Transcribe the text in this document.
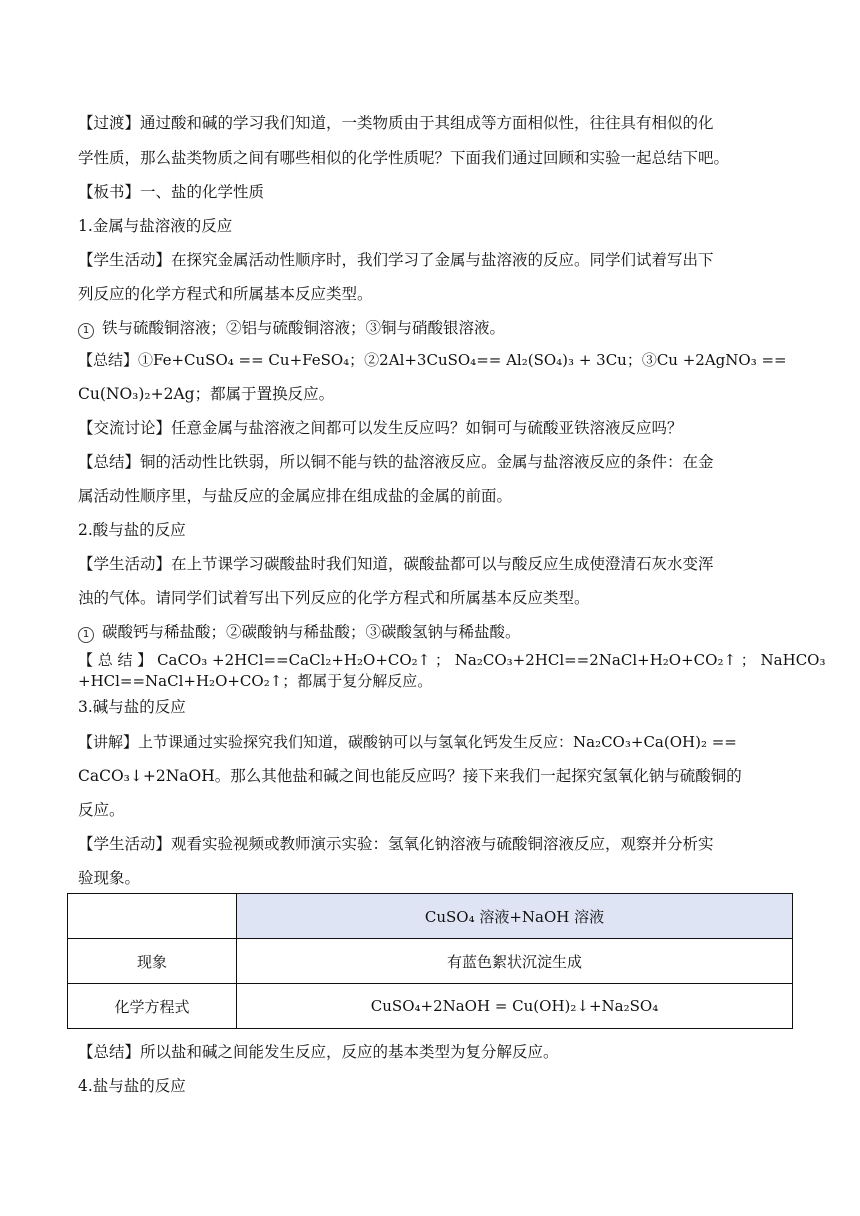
【过渡】通过酸和碱的学习我们知道，一类物质由于其组成等方面相似性，往往具有相似的化
学性质，那么盐类物质之间有哪些相似的化学性质呢？下面我们通过回顾和实验一起总结下吧。
【板书】一、盐的化学性质
1.金属与盐溶液的反应
【学生活动】在探究金属活动性顺序时，我们学习了金属与盐溶液的反应。同学们试着写出下
列反应的化学方程式和所属基本反应类型。
1 铁与硫酸铜溶液；②铝与硫酸铜溶液；③铜与硝酸银溶液。
【总结】①Fe+CuSO₄ == Cu+FeSO₄；②2Al+3CuSO₄== Al₂(SO₄)₃ + 3Cu；③Cu +2AgNO₃ ==
Cu(NO₃)₂+2Ag；都属于置换反应。
【交流讨论】任意金属与盐溶液之间都可以发生反应吗？如铜可与硫酸亚铁溶液反应吗？
【总结】铜的活动性比铁弱，所以铜不能与铁的盐溶液反应。金属与盐溶液反应的条件：在金
属活动性顺序里，与盐反应的金属应排在组成盐的金属的前面。
2.酸与盐的反应
【学生活动】在上节课学习碳酸盐时我们知道，碳酸盐都可以与酸反应生成使澄清石灰水变浑
浊的气体。请同学们试着写出下列反应的化学方程式和所属基本反应类型。
1 碳酸钙与稀盐酸；②碳酸钠与稀盐酸；③碳酸氢钠与稀盐酸。
【 总 结 】 CaCO₃ +2HCl==CaCl₂+H₂O+CO₂↑ ； Na₂CO₃+2HCl==2NaCl+H₂O+CO₂↑ ； NaHCO₃
+HCl==NaCl+H₂O+CO₂↑；都属于复分解反应。
3.碱与盐的反应
【讲解】上节课通过实验探究我们知道，碳酸钠可以与氢氧化钙发生反应：Na₂CO₃+Ca(OH)₂ ==
CaCO₃↓+2NaOH。那么其他盐和碱之间也能反应吗？接下来我们一起探究氢氧化钠与硫酸铜的
反应。
【学生活动】观看实验视频或教师演示实验：氢氧化钠溶液与硫酸铜溶液反应，观察并分析实
验现象。
【总结】所以盐和碱之间能发生反应，反应的基本类型为复分解反应。
4.盐与盐的反应
	CuSO₄ 溶液+NaOH 溶液
现象	有蓝色絮状沉淀生成
化学方程式	CuSO₄+2NaOH = Cu(OH)₂↓+Na₂SO₄
